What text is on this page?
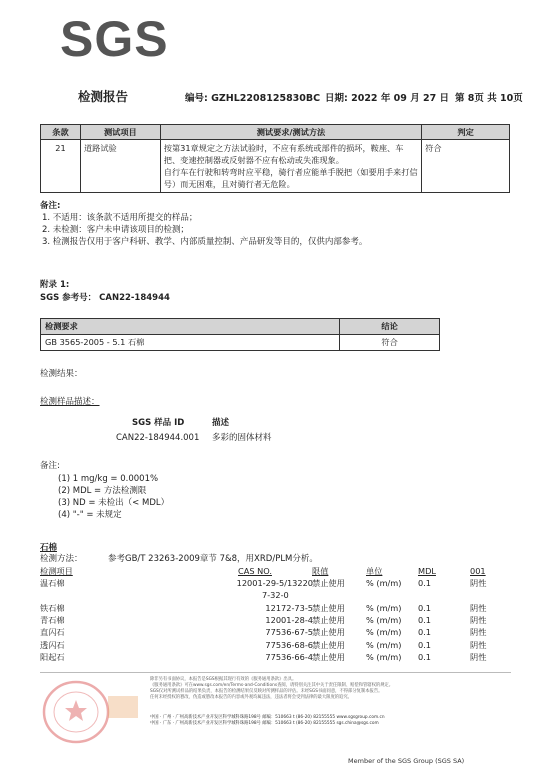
SGS
检测报告	编号: GZHL2208125830BC 日期: 2022 年 09 月 27 日 第 8页 共 10页
条款	测试项目	测试要求/测试方法	判定
21	道路试验	按第31章规定之方法试验时，不应有系统或部件的损坏，鞍座、车把、变速控制器或反射器不应有松动或失准现象。
自行车在行驶和转弯时应平稳，骑行者应能单手脱把（如要用手来打信号）而无困难，且对骑行者无危险。	符合
备注:
1. 不适用：该条款不适用所提交的样品；
2. 未检测：客户未申请该项目的检测；
3. 检测报告仅用于客户科研、教学、内部质量控制、产品研发等目的，仅供内部参考。
附录 1:
SGS 参考号： CAN22-184944
检测要求	结论
GB 3565-2005 - 5.1 石棉	符合
检测结果：
检测样品描述：
SGS 样品 ID	描述
CAN22-184944.001 多彩的固体材料
备注:
(1) 1 mg/kg = 0.0001%
(2) MDL = 方法检测限
(3) ND = 未检出（< MDL）
(4) "-" = 未规定
石棉
检测方法：	参考GB/T 23263-2009章节 7&8，用XRD/PLM分析。
检测项目	CAS NO.	限值	单位	MDL	001
温石棉	12001-29-5/13220 禁止使用	% (m/m) 0.1	阴性
7-32-0
铁石棉	12172-73-5 禁止使用	% (m/m) 0.1	阴性
青石棉	12001-28-4 禁止使用	% (m/m) 0.1	阴性
直闪石	77536-67-5 禁止使用	% (m/m) 0.1	阴性
透闪石	77536-68-6 禁止使用	% (m/m) 0.1	阴性
阳起石	77536-66-4 禁止使用	% (m/m) 0.1	阴性
除非另有书面协议，本报告是SGS根据其现行有效的《服务通用条款》出具。
《服务通用条款》可在www.sgs.com/en/Terms-and-Conditions查阅，请特别关注其中关于责任限制、赔偿和管辖权的规定。
SGS仅对所测试样品的结果负责，本报告的检测结果仅反映对所测样品的评估。未经SGS书面同意，不得部分复制本报告。
任何未经授权的篡改、伪造或篡改本报告的内容或外观均属违法，违法者将会受到法律的最大限度的追究。
中国 · 广州 · 广州高新技术产业开发区科学城科珠路198号 邮编：510663 t (86-20) 82155555 www.sgsgroup.com.cn
中国 · 广东 · 广州高新技术产业开发区科学城科珠路198号 邮编：510663 t (86-20) 82155555 sgs.china@sgs.com
Member of the SGS Group (SGS SA)
